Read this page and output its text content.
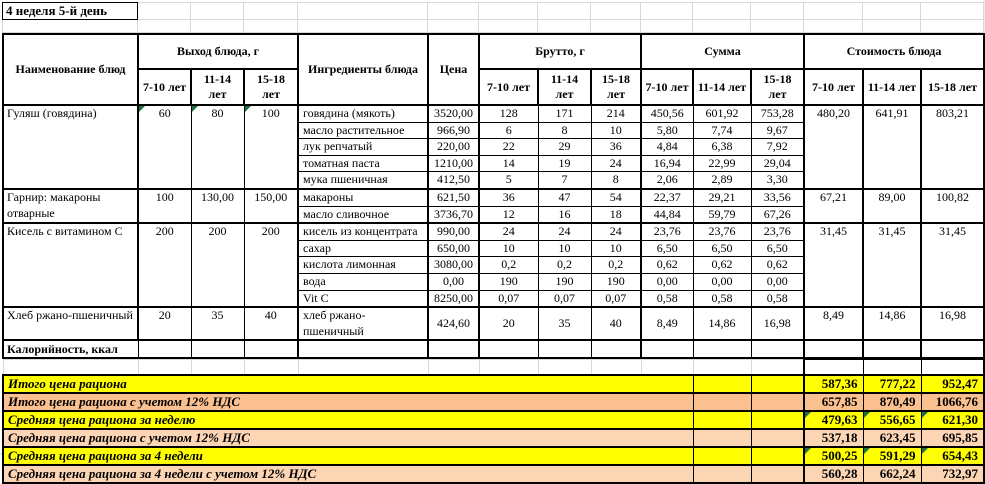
4 неделя 5-й день														

Наименование блюд	Выход блюда, г			Ингредиенты блюда	Цена	Брутто, г			Сумма			Стоимость блюда		
	7-10 лет	11-14 лет	15-18 лет			7-10 лет	11-14 лет	15-18 лет	7-10 лет	11-14 лет	15-18 лет	7-10 лет	11-14 лет	15-18 лет
Гуляш (говядина)	60	80	100	говядина (мякоть)	3520,00	128	171	214	450,56	601,92	753,28	480,20	641,91	803,21
				масло растительное	966,90	6	8	10	5,80	7,74	9,67			
				лук репчатый	220,00	22	29	36	4,84	6,38	7,92			
				томатная паста	1210,00	14	19	24	16,94	22,99	29,04			
				мука пшеничная	412,50	5	7	8	2,06	2,89	3,30			
Гарнир: макароны отварные	100	130,00	150,00	макароны	621,50	36	47	54	22,37	29,21	33,56	67,21	89,00	100,82
				масло сливочное	3736,70	12	16	18	44,84	59,79	67,26			
Кисель с витамином С	200	200	200	кисель из концентрата	990,00	24	24	24	23,76	23,76	23,76	31,45	31,45	31,45
				сахар	650,00	10	10	10	6,50	6,50	6,50			
				кислота лимонная	3080,00	0,2	0,2	0,2	0,62	0,62	0,62			
				вода	0,00	190	190	190	0,00	0,00	0,00			
				Vit C	8250,00	0,07	0,07	0,07	0,58	0,58	0,58			
Хлеб ржано-пшеничный	20	35	40	хлеб ржано-пшеничный	424,60	20	35	40	8,49	14,86	16,98	8,49	14,86	16,98
Калорийность, ккал														

Итого цена рациона												587,36	777,22	952,47
Итого цена рациона с учетом 12% НДС												657,85	870,49	1066,76
Средняя цена рациона за неделю												479,63	556,65	621,30

Средняя цена рациона с учетом 12% НДС												537,18	623,45	695,85
Средняя цена рациона за 4 недели												500,25	591,29	654,43

Средняя цена рациона за 4 недели с учетом 12% НДС												560,28	662,24	732,97
